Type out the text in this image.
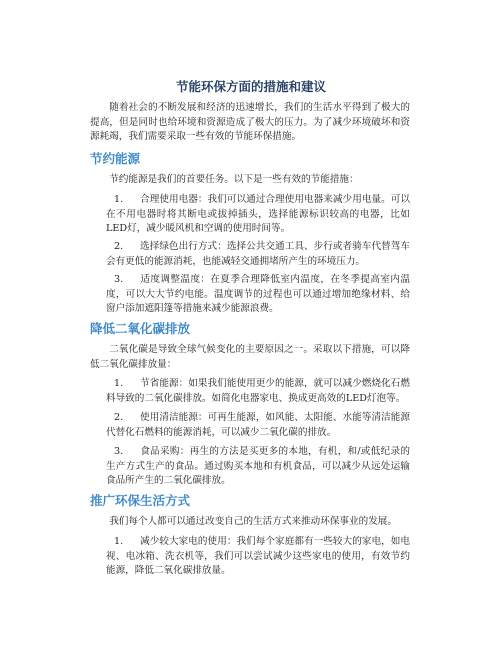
节能环保方面的措施和建议
随着社会的不断发展和经济的迅速增长，我们的生活水平得到了极大的提高，但是同时也给环境和资源造成了极大的压力。为了减少环境破坏和资源耗竭，我们需要采取一些有效的节能环保措施。
节约能源
节约能源是我们的首要任务。以下是一些有效的节能措施：
1. 合理使用电器：我们可以通过合理使用电器来减少用电量。可以在不用电器时将其断电或拔掉插头，选择能源标识较高的电器，比如LED灯，减少暖风机和空调的使用时间等。
2. 选择绿色出行方式：选择公共交通工具、步行或者骑车代替驾车会有更低的能源消耗，也能减轻交通拥堵所产生的环境压力。
3. 适度调整温度：在夏季合理降低室内温度，在冬季提高室内温度，可以大大节约电能。温度调节的过程也可以通过增加绝缘材料、给窗户添加遮阳篷等措施来减少能源浪费。
降低二氧化碳排放
二氧化碳是导致全球气候变化的主要原因之一。采取以下措施，可以降低二氧化碳排放量：
1. 节省能源：如果我们能使用更少的能源，就可以减少燃烧化石燃料导致的二氧化碳排放。如简化电器家电、换成更高效的LED灯泡等。
2. 使用清洁能源：可再生能源，如风能、太阳能、水能等清洁能源代替化石燃料的能源消耗，可以减少二氧化碳的排放。
3. 食品采购：再生的方法是买更多的本地，有机，和/或低纪录的生产方式生产的食品。通过购买本地和有机食品，可以减少从远处运输食品所产生的二氧化碳排放。
推广环保生活方式
我们每个人都可以通过改变自己的生活方式来推动环保事业的发展。
1. 减少较大家电的使用：我们每个家庭都有一些较大的家电，如电视、电冰箱、洗衣机等，我们可以尝试减少这些家电的使用，有效节约能源，降低二氧化碳排放量。
